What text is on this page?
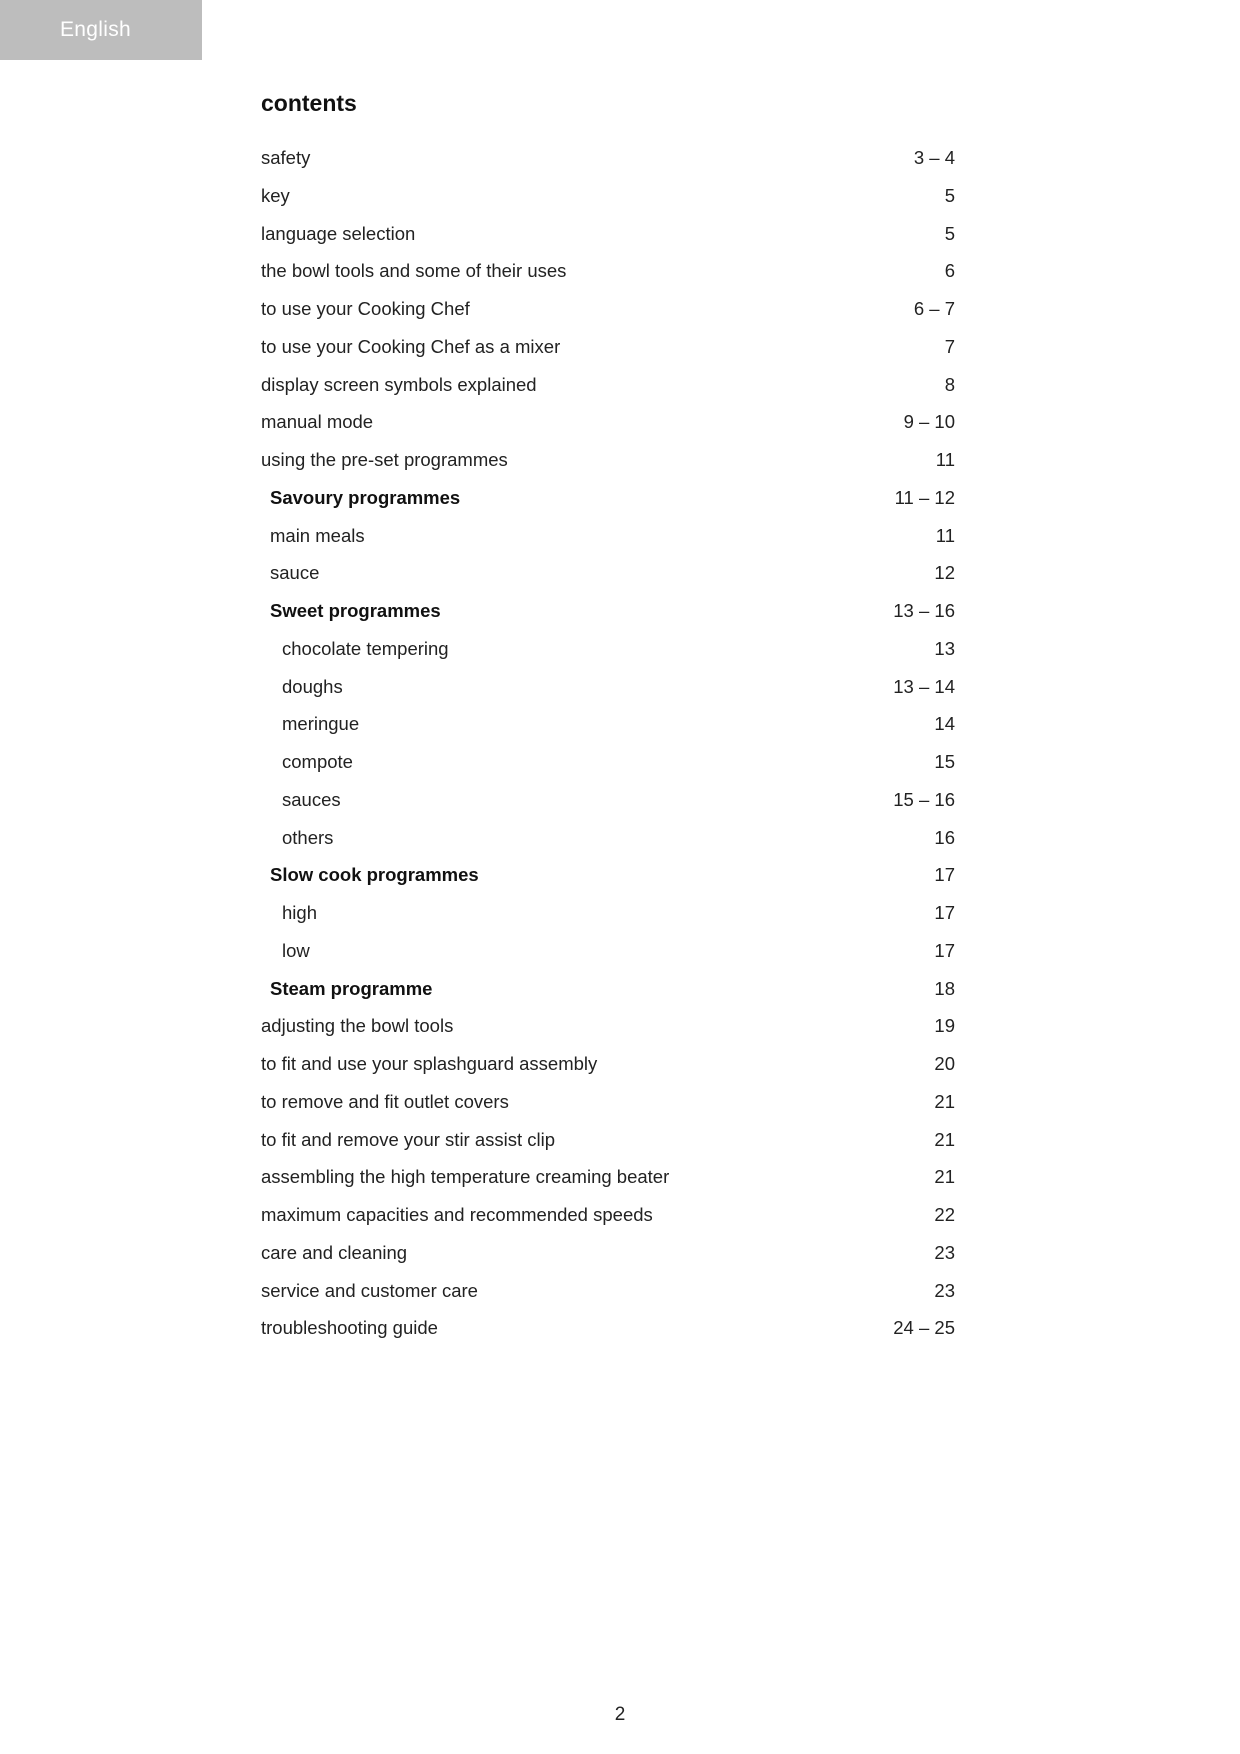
English
contents
safety	3 – 4
key	5
language selection	5
the bowl tools and some of their uses	6
to use your Cooking Chef	6 – 7
to use your Cooking Chef as a mixer	7
display screen symbols explained	8
manual mode	9 – 10
using the pre-set programmes	11
Savoury programmes	11 – 12
main meals	11
sauce	12
Sweet programmes	13 – 16
chocolate tempering	13
doughs	13 – 14
meringue	14
compote	15
sauces	15 – 16
others	16
Slow cook programmes	17
high	17
low	17
Steam programme	18
adjusting the bowl tools	19
to fit and use your splashguard assembly	20
to remove and fit outlet covers	21
to fit and remove your stir assist clip	21
assembling the high temperature creaming beater	21
maximum capacities and recommended speeds	22
care and cleaning	23
service and customer care	23
troubleshooting guide	24 – 25
2
